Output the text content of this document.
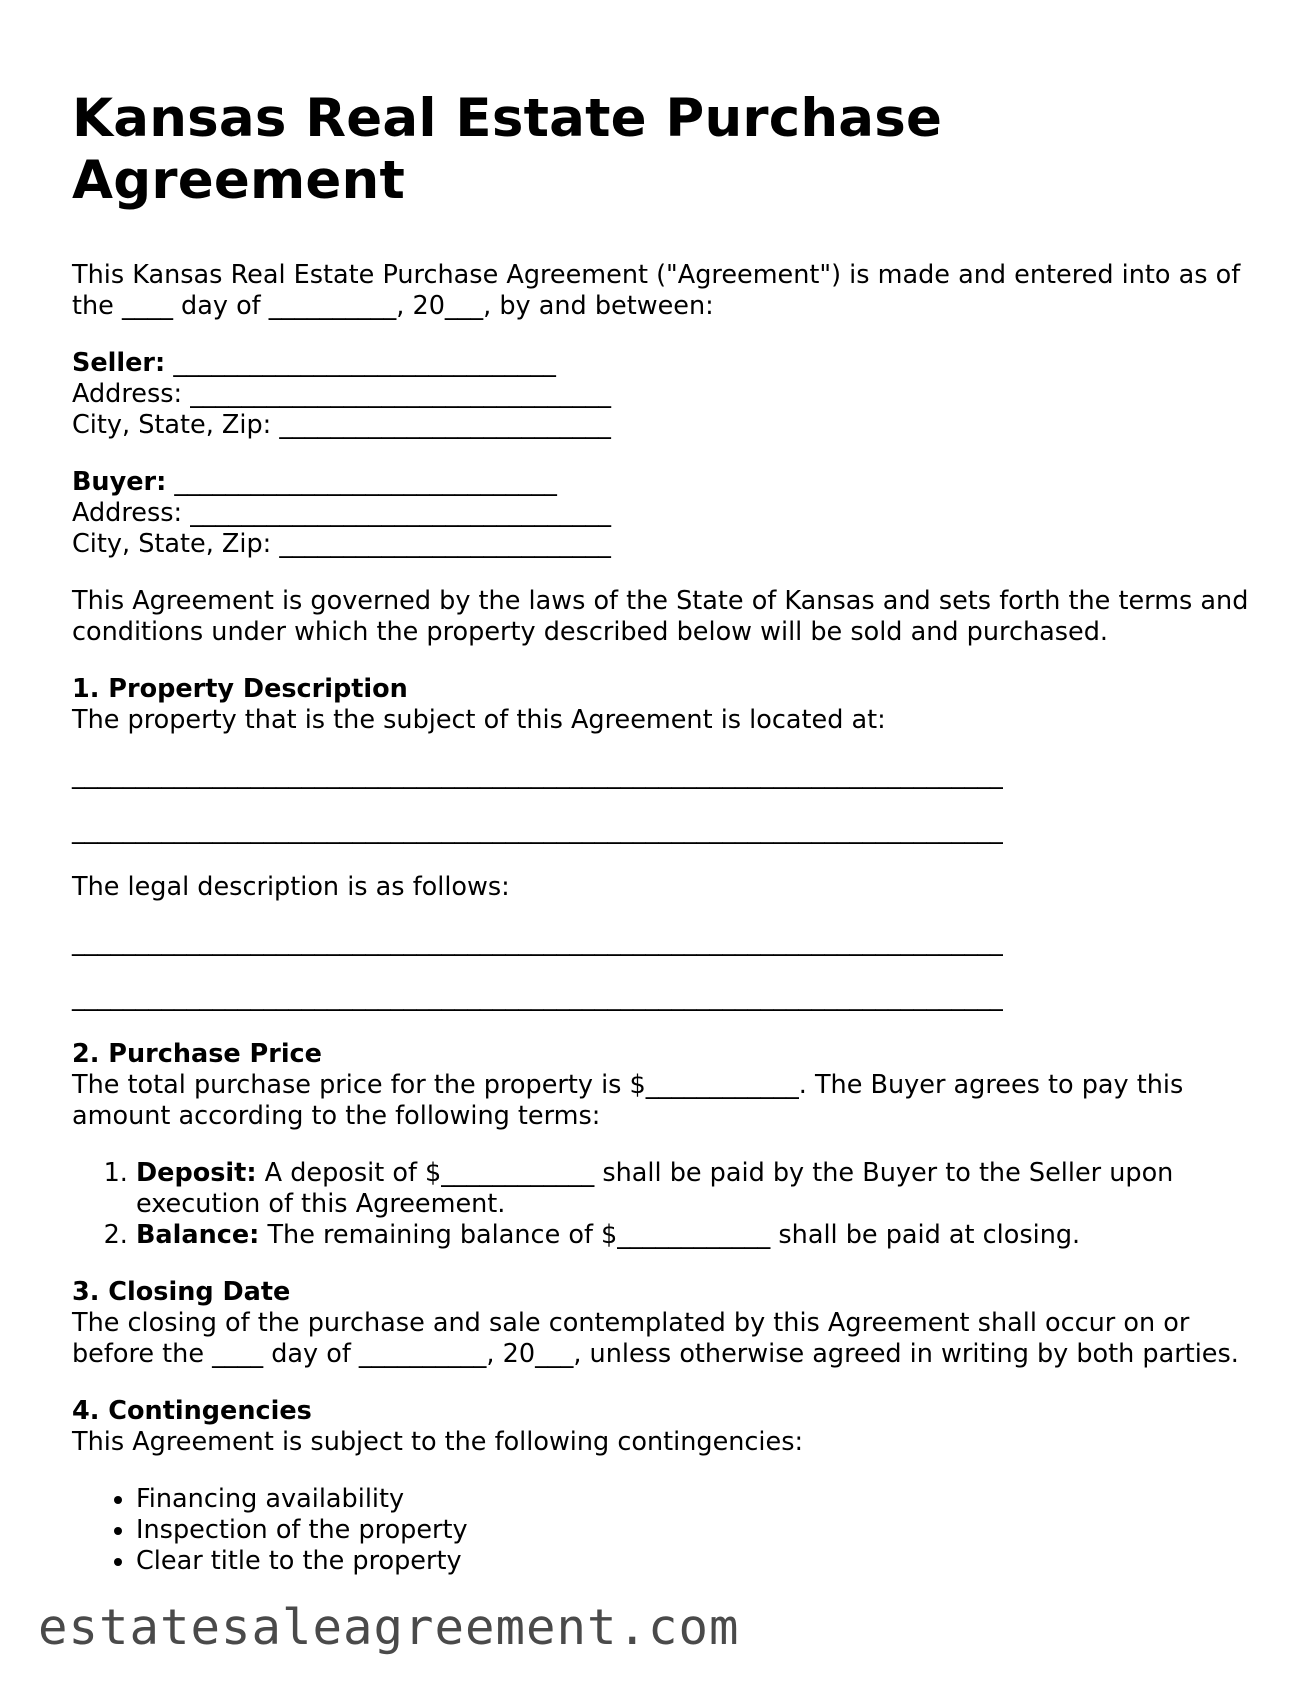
Kansas Real Estate Purchase Agreement

This Kansas Real Estate Purchase Agreement ("Agreement") is made and entered into as of the ____ day of __________, 20___, by and between:

Seller: ______________________________
Address: _________________________________
City, State, Zip: __________________________
Buyer: ______________________________
Address: _________________________________
City, State, Zip: __________________________

This Agreement is governed by the laws of the State of Kansas and sets forth the terms and conditions under which the property described below will be sold and purchased.

1. Property Description

The property that is the subject of this Agreement is located at:

_________________________________________________________________________
_________________________________________________________________________

The legal description is as follows:

_________________________________________________________________________
_________________________________________________________________________
2. Purchase Price

The total purchase price for the property is $____________. The Buyer agrees to pay this amount according to the following terms:

1. Deposit: A deposit of $____________ shall be paid by the Buyer to the Seller upon execution of this Agreement.
2. Balance: The remaining balance of $____________ shall be paid at closing.
3. Closing Date

The closing of the purchase and sale contemplated by this Agreement shall occur on or before the ____ day of __________, 20___, unless otherwise agreed in writing by both parties.

4. Contingencies

This Agreement is subject to the following contingencies:

• Financing availability
• Inspection of the property
• Clear title to the property
estatesaleagreement.com
